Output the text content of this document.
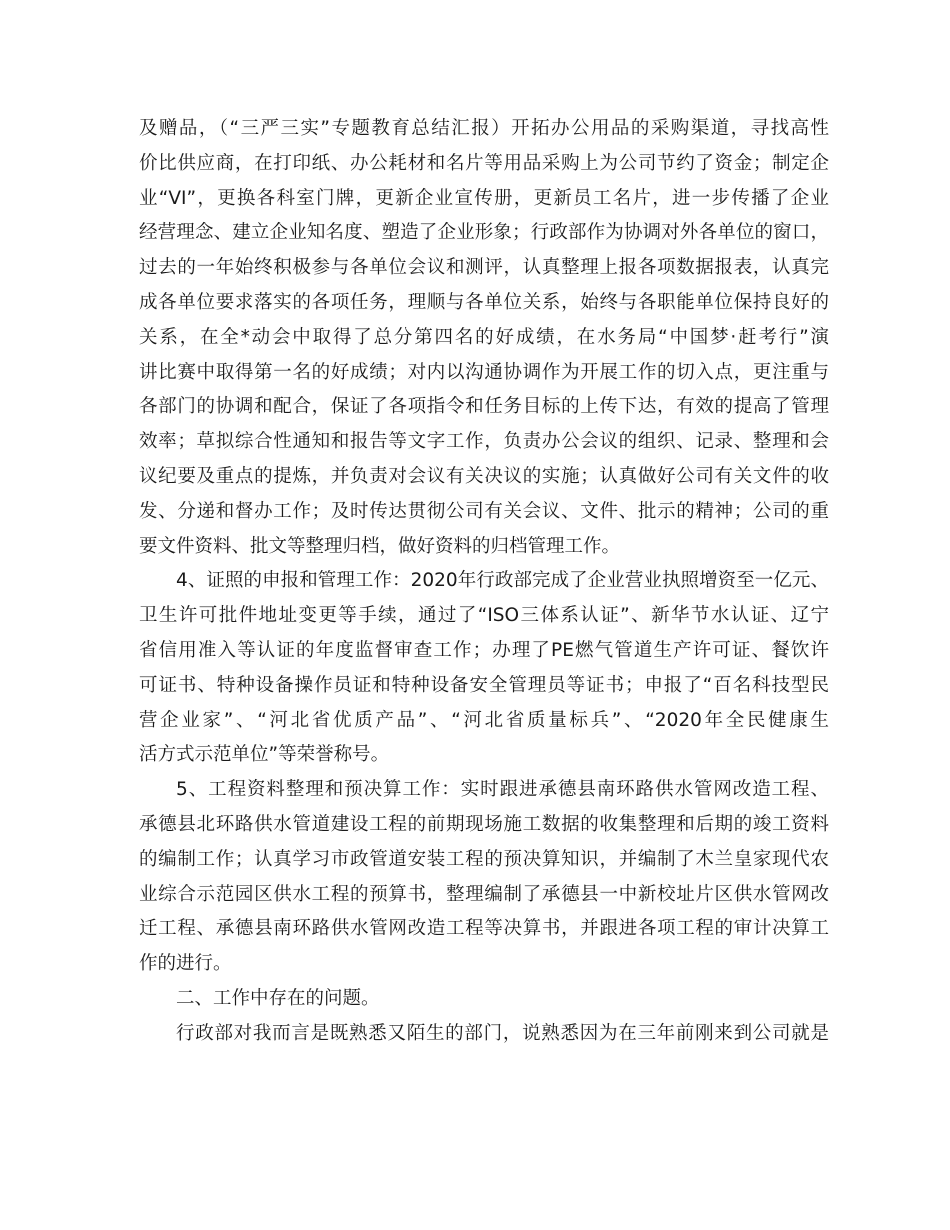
及赠品，（“三严三实”专题教育总结汇报）开拓办公用品的采购渠道，寻找高性
价比供应商，在打印纸、办公耗材和名片等用品采购上为公司节约了资金；制定企
业“VI”，更换各科室门牌，更新企业宣传册，更新员工名片，进一步传播了企业
经营理念、建立企业知名度、塑造了企业形象；行政部作为协调对外各单位的窗口，
过去的一年始终积极参与各单位会议和测评，认真整理上报各项数据报表，认真完
成各单位要求落实的各项任务，理顺与各单位关系，始终与各职能单位保持良好的
关系，在全*动会中取得了总分第四名的好成绩，在水务局“中国梦·赶考行”演
讲比赛中取得第一名的好成绩；对内以沟通协调作为开展工作的切入点，更注重与
各部门的协调和配合，保证了各项指令和任务目标的上传下达，有效的提高了管理
效率；草拟综合性通知和报告等文字工作，负责办公会议的组织、记录、整理和会
议纪要及重点的提炼，并负责对会议有关决议的实施；认真做好公司有关文件的收
发、分递和督办工作；及时传达贯彻公司有关会议、文件、批示的精神；公司的重
要文件资料、批文等整理归档，做好资料的归档管理工作。
4、证照的申报和管理工作：2020年行政部完成了企业营业执照增资至一亿元、
卫生许可批件地址变更等手续，通过了“ISO三体系认证”、新华节水认证、辽宁
省信用准入等认证的年度监督审查工作；办理了PE燃气管道生产许可证、餐饮许
可证书、特种设备操作员证和特种设备安全管理员等证书；申报了“百名科技型民
营企业家”、“河北省优质产品”、“河北省质量标兵”、“2020年全民健康生
活方式示范单位”等荣誉称号。
5、工程资料整理和预决算工作：实时跟进承德县南环路供水管网改造工程、
承德县北环路供水管道建设工程的前期现场施工数据的收集整理和后期的竣工资料
的编制工作；认真学习市政管道安装工程的预决算知识，并编制了木兰皇家现代农
业综合示范园区供水工程的预算书，整理编制了承德县一中新校址片区供水管网改
迁工程、承德县南环路供水管网改造工程等决算书，并跟进各项工程的审计决算工
作的进行。
二、工作中存在的问题。
行政部对我而言是既熟悉又陌生的部门，说熟悉因为在三年前刚来到公司就是
